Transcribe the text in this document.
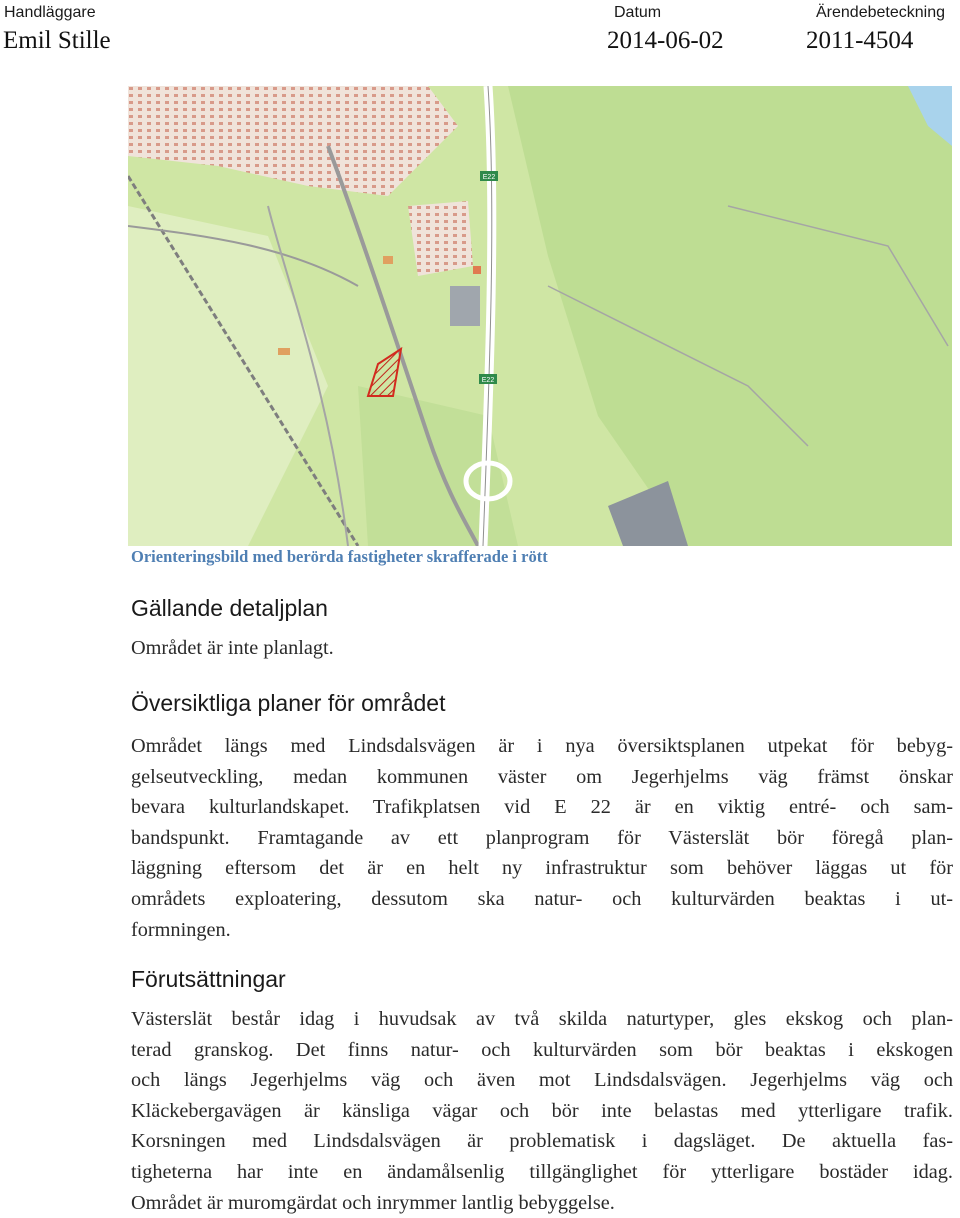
Handläggare
Emil Stille
Datum
2014-06-02
Ärendebeteckning
2011-4504
E22
E22
Orienteringsbild med berörda fastigheter skrafferade i rött
Gällande detaljplan
Området är inte planlagt.
Översiktliga planer för området
Området längs med Lindsdalsvägen är i nya översiktsplanen utpekat för bebyg-
gelseutveckling, medan kommunen väster om Jegerhjelms väg främst önskar
bevara kulturlandskapet. Trafikplatsen vid E 22 är en viktig entré- och sam-
bandspunkt. Framtagande av ett planprogram för Västerslät bör föregå plan-
läggning eftersom det är en helt ny infrastruktur som behöver läggas ut för
områdets exploatering, dessutom ska natur- och kulturvärden beaktas i ut-
formningen.
Förutsättningar
Västerslät består idag i huvudsak av två skilda naturtyper, gles ekskog och plan-
terad granskog. Det finns natur- och kulturvärden som bör beaktas i ekskogen
och längs Jegerhjelms väg och även mot Lindsdalsvägen. Jegerhjelms väg och
Kläckebergavägen är känsliga vägar och bör inte belastas med ytterligare trafik.
Korsningen med Lindsdalsvägen är problematisk i dagsläget. De aktuella fas-
tigheterna har inte en ändamålsenlig tillgänglighet för ytterligare bostäder idag.
Området är muromgärdat och inrymmer lantlig bebyggelse.
